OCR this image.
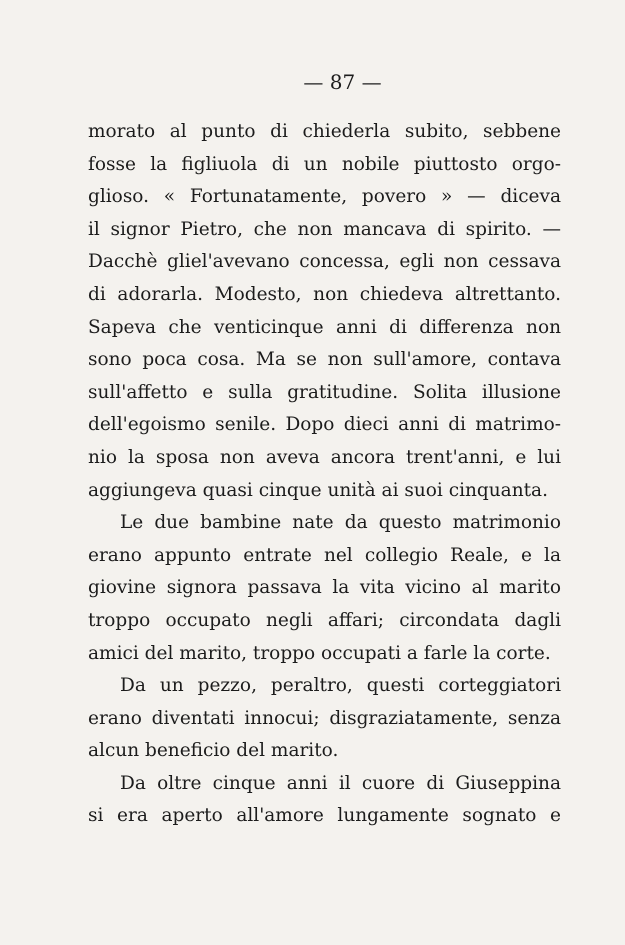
— 87 —

morato al punto di chiederla subito, sebbene
fosse la figliuola di un nobile piuttosto orgo-
glioso. « Fortunatamente, povero » — diceva
il signor Pietro, che non mancava di spirito. —
Dacchè gliel'avevano concessa, egli non cessava
di adorarla. Modesto, non chiedeva altrettanto.
Sapeva che venticinque anni di differenza non
sono poca cosa. Ma se non sull'amore, contava
sull'affetto e sulla gratitudine. Solita illusione
dell'egoismo senile. Dopo dieci anni di matrimo-
nio la sposa non aveva ancora trent'anni, e lui
aggiungeva quasi cinque unità ai suoi cinquanta.

Le due bambine nate da questo matrimonio
erano appunto entrate nel collegio Reale, e la
giovine signora passava la vita vicino al marito
troppo occupato negli affari; circondata dagli
amici del marito, troppo occupati a farle la corte.

Da un pezzo, peraltro, questi corteggiatori
erano diventati innocui; disgraziatamente, senza
alcun beneficio del marito.

Da oltre cinque anni il cuore di Giuseppina
si era aperto all'amore lungamente sognato e
